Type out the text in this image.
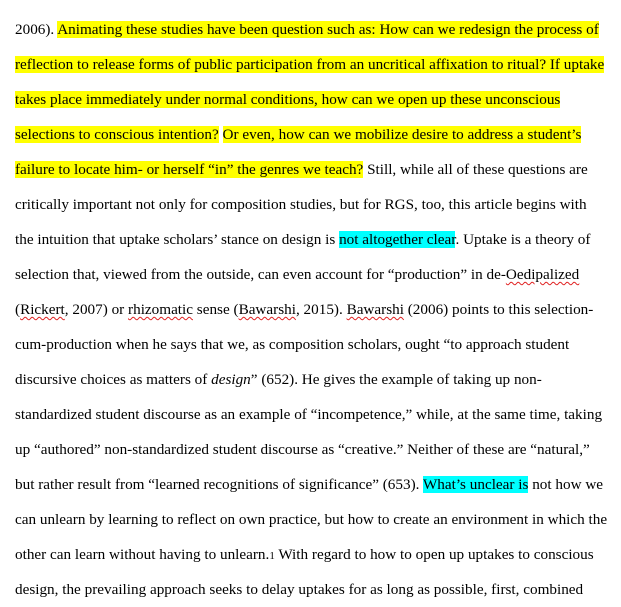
2006). Animating these studies have been question such as: How can we redesign the process of
reflection to release forms of public participation from an uncritical affixation to ritual? If uptake
takes place immediately under normal conditions, how can we open up these unconscious
selections to conscious intention? Or even, how can we mobilize desire to address a student’s
failure to locate him- or herself “in” the genres we teach? Still, while all of these questions are
critically important not only for composition studies, but for RGS, too, this article begins with
the intuition that uptake scholars’ stance on design is not altogether clear. Uptake is a theory of
selection that, viewed from the outside, can even account for “production” in de-Oedipalized
(Rickert, 2007) or rhizomatic sense (Bawarshi, 2015). Bawarshi (2006) points to this selection-
cum-production when he says that we, as composition scholars, ought “to approach student
discursive choices as matters of design” (652). He gives the example of taking up non-
standardized student discourse as an example of “incompetence,” while, at the same time, taking
up “authored” non-standardized student discourse as “creative.” Neither of these are “natural,”
but rather result from “learned recognitions of significance” (653). What’s unclear is not how we
can unlearn by learning to reflect on own practice, but how to create an environment in which the
other can learn without having to unlearn.1 With regard to how to open up uptakes to conscious
design, the prevailing approach seeks to delay uptakes for as long as possible, first, combined
